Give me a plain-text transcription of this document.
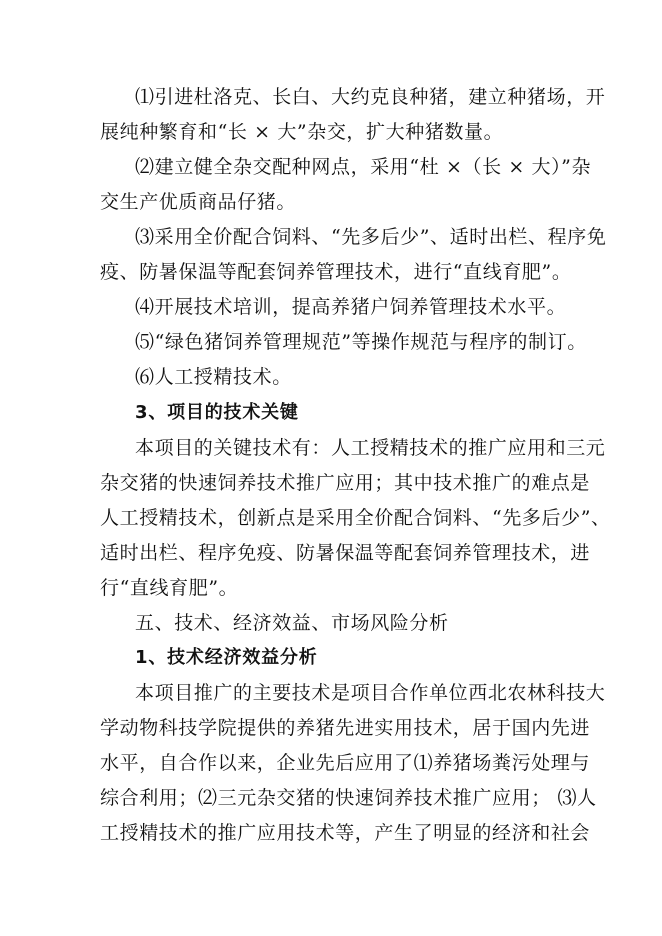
⑴引进杜洛克、长白、大约克良种猪，建立种猪场，开
展纯种繁育和“长 × 大”杂交，扩大种猪数量。
⑵建立健全杂交配种网点，采用“杜 ×（长 × 大）”杂
交生产优质商品仔猪。
⑶采用全价配合饲料、“先多后少”、适时出栏、程序免
疫、防暑保温等配套饲养管理技术，进行“直线育肥”。
⑷开展技术培训，提高养猪户饲养管理技术水平。
⑸“绿色猪饲养管理规范”等操作规范与程序的制订。
⑹人工授精技术。
3、项目的技术关键
本项目的关键技术有：人工授精技术的推广应用和三元
杂交猪的快速饲养技术推广应用；其中技术推广的难点是
人工授精技术，创新点是采用全价配合饲料、“先多后少”、
适时出栏、程序免疫、防暑保温等配套饲养管理技术，进
行“直线育肥”。
五、技术、经济效益、市场风险分析
1、技术经济效益分析
本项目推广的主要技术是项目合作单位西北农林科技大
学动物科技学院提供的养猪先进实用技术，居于国内先进
水平，自合作以来，企业先后应用了⑴养猪场粪污处理与
综合利用；⑵三元杂交猪的快速饲养技术推广应用； ⑶人
工授精技术的推广应用技术等，产生了明显的经济和社会
